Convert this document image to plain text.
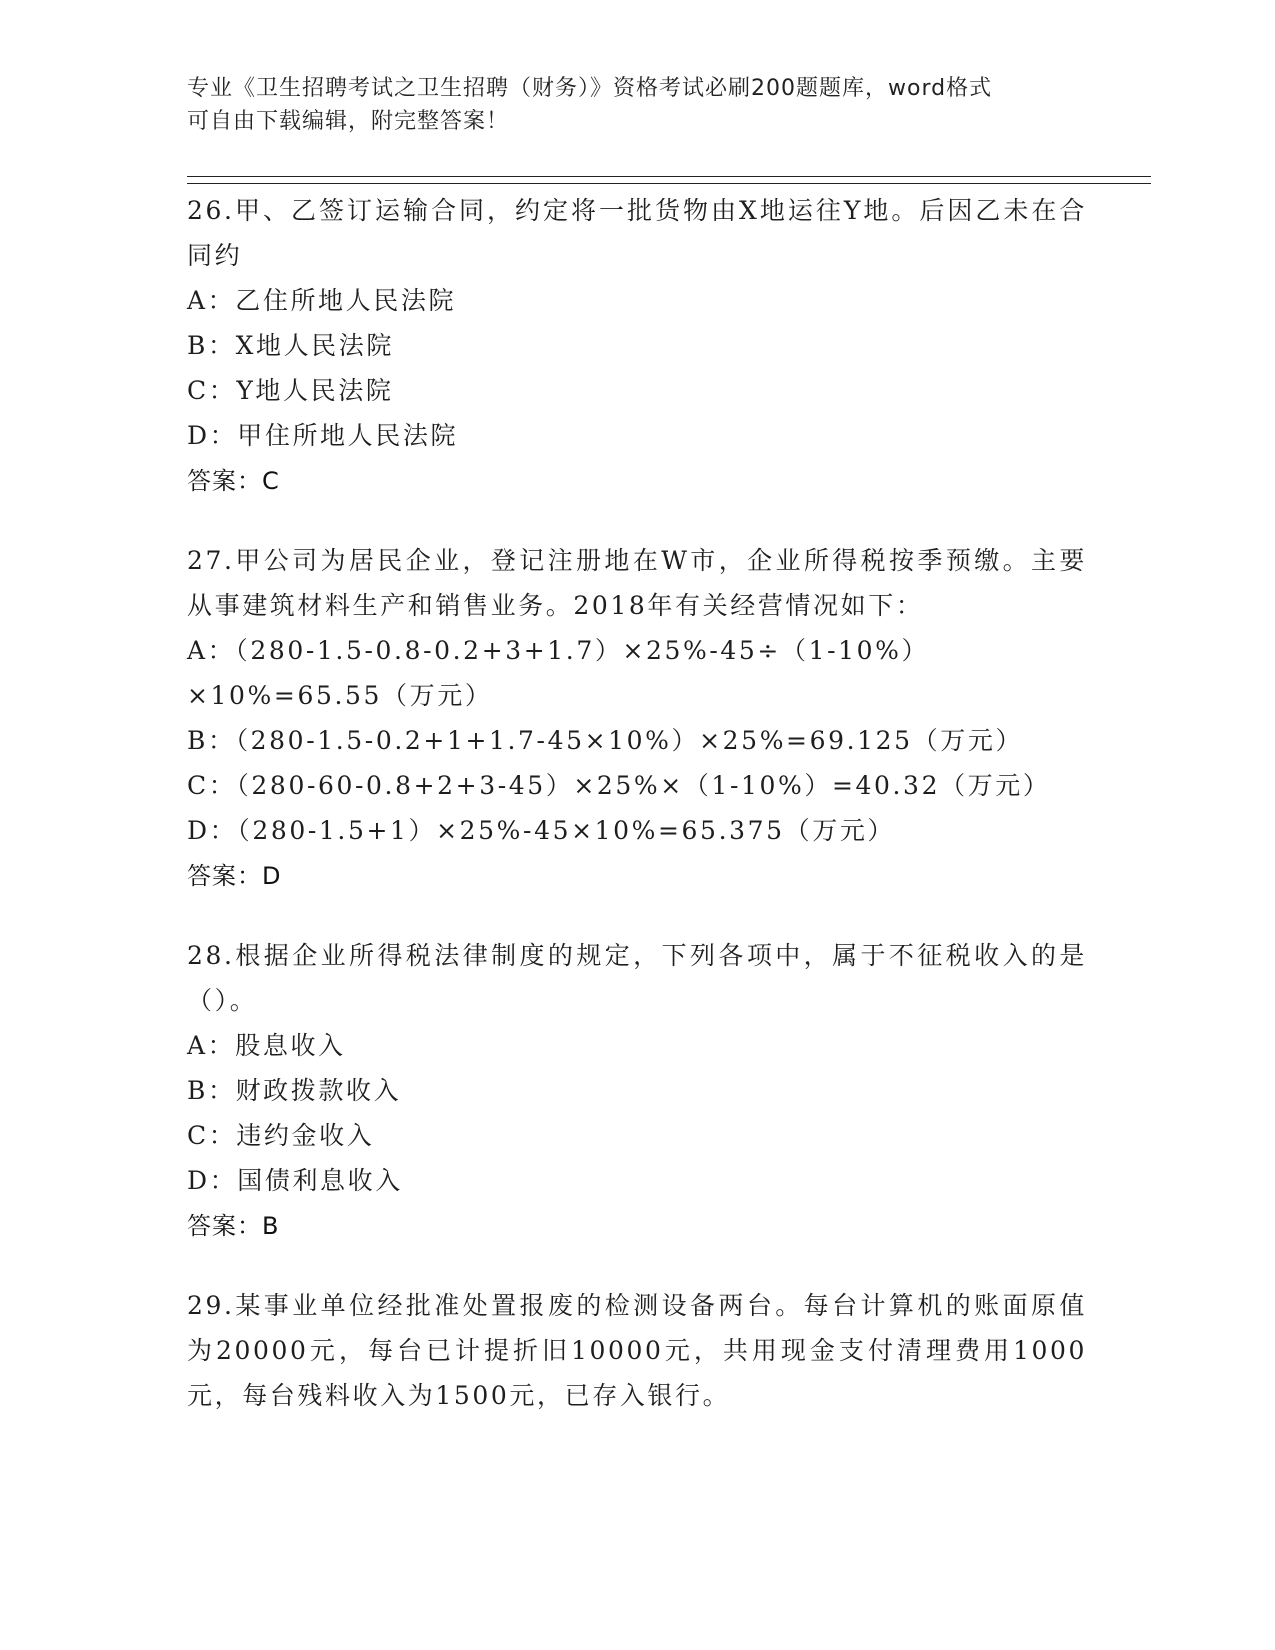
专业《卫生招聘考试之卫生招聘（财务）》资格考试必刷200题题库，word格式
可自由下载编辑，附完整答案！
26.甲、乙签订运输合同，约定将一批货物由X地运往Y地。后因乙未在合同约
A：乙住所地人民法院
B：X地人民法院
C：Y地人民法院
D：甲住所地人民法院
答案：C
27.甲公司为居民企业，登记注册地在W市，企业所得税按季预缴。主要从事建筑材料生产和销售业务。2018年有关经营情况如下：
A：（280-1.5-0.8-0.2+3+1.7）×25%-45÷（1-10%）×10%=65.55（万元）
B：（280-1.5-0.2+1+1.7-45×10%）×25%=69.125（万元）
C：（280-60-0.8+2+3-45）×25%×（1-10%）=40.32（万元）
D：（280-1.5+1）×25%-45×10%=65.375（万元）
答案：D
28.根据企业所得税法律制度的规定，下列各项中，属于不征税收入的是（）。
A：股息收入
B：财政拨款收入
C：违约金收入
D：国债利息收入
答案：B
29.某事业单位经批准处置报废的检测设备两台。每台计算机的账面原值为20000元，每台已计提折旧10000元，共用现金支付清理费用1000元，每台残料收入为1500元，已存入银行。
